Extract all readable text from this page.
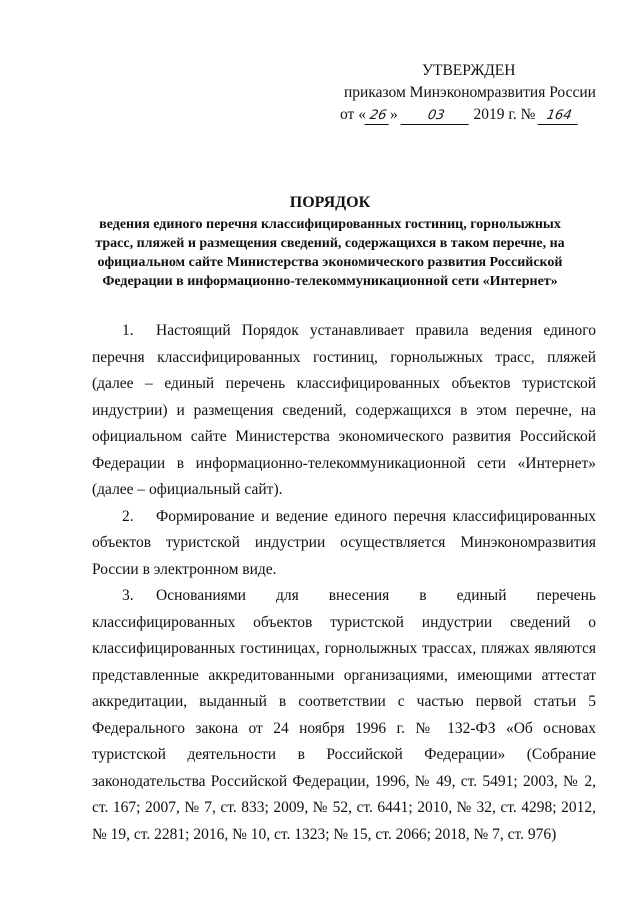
УТВЕРЖДЕН
приказом Минэкономразвития России
от « 26 » 03 2019 г. № 164
ПОРЯДОК
ведения единого перечня классифицированных гостиниц, горнолыжных трасс, пляжей и размещения сведений, содержащихся в таком перечне, на официальном сайте Министерства экономического развития Российской Федерации в информационно-телекоммуникационной сети «Интернет»

1. Настоящий Порядок устанавливает правила ведения единого перечня классифицированных гостиниц, горнолыжных трасс, пляжей (далее – единый перечень классифицированных объектов туристской индустрии) и размещения сведений, содержащихся в этом перечне, на официальном сайте Министерства экономического развития Российской Федерации в информационно-телекоммуникационной сети «Интернет» (далее – официальный сайт).

2. Формирование и ведение единого перечня классифицированных объектов туристской индустрии осуществляется Минэкономразвития России в электронном виде.

3. Основаниями для внесения в единый перечень классифицированных объектов туристской индустрии сведений о классифицированных гостиницах, горнолыжных трассах, пляжах являются представленные аккредитованными организациями, имеющими аттестат аккредитации, выданный в соответствии с частью первой статьи 5 Федерального закона от 24 ноября 1996 г. № 132-ФЗ «Об основах туристской деятельности в Российской Федерации» (Собрание законодательства Российской Федерации, 1996, № 49, ст. 5491; 2003, № 2, ст. 167; 2007, № 7, ст. 833; 2009, № 52, ст. 6441; 2010, № 32, ст. 4298; 2012, № 19, ст. 2281; 2016, № 10, ст. 1323; № 15, ст. 2066; 2018, № 7, ст. 976)
